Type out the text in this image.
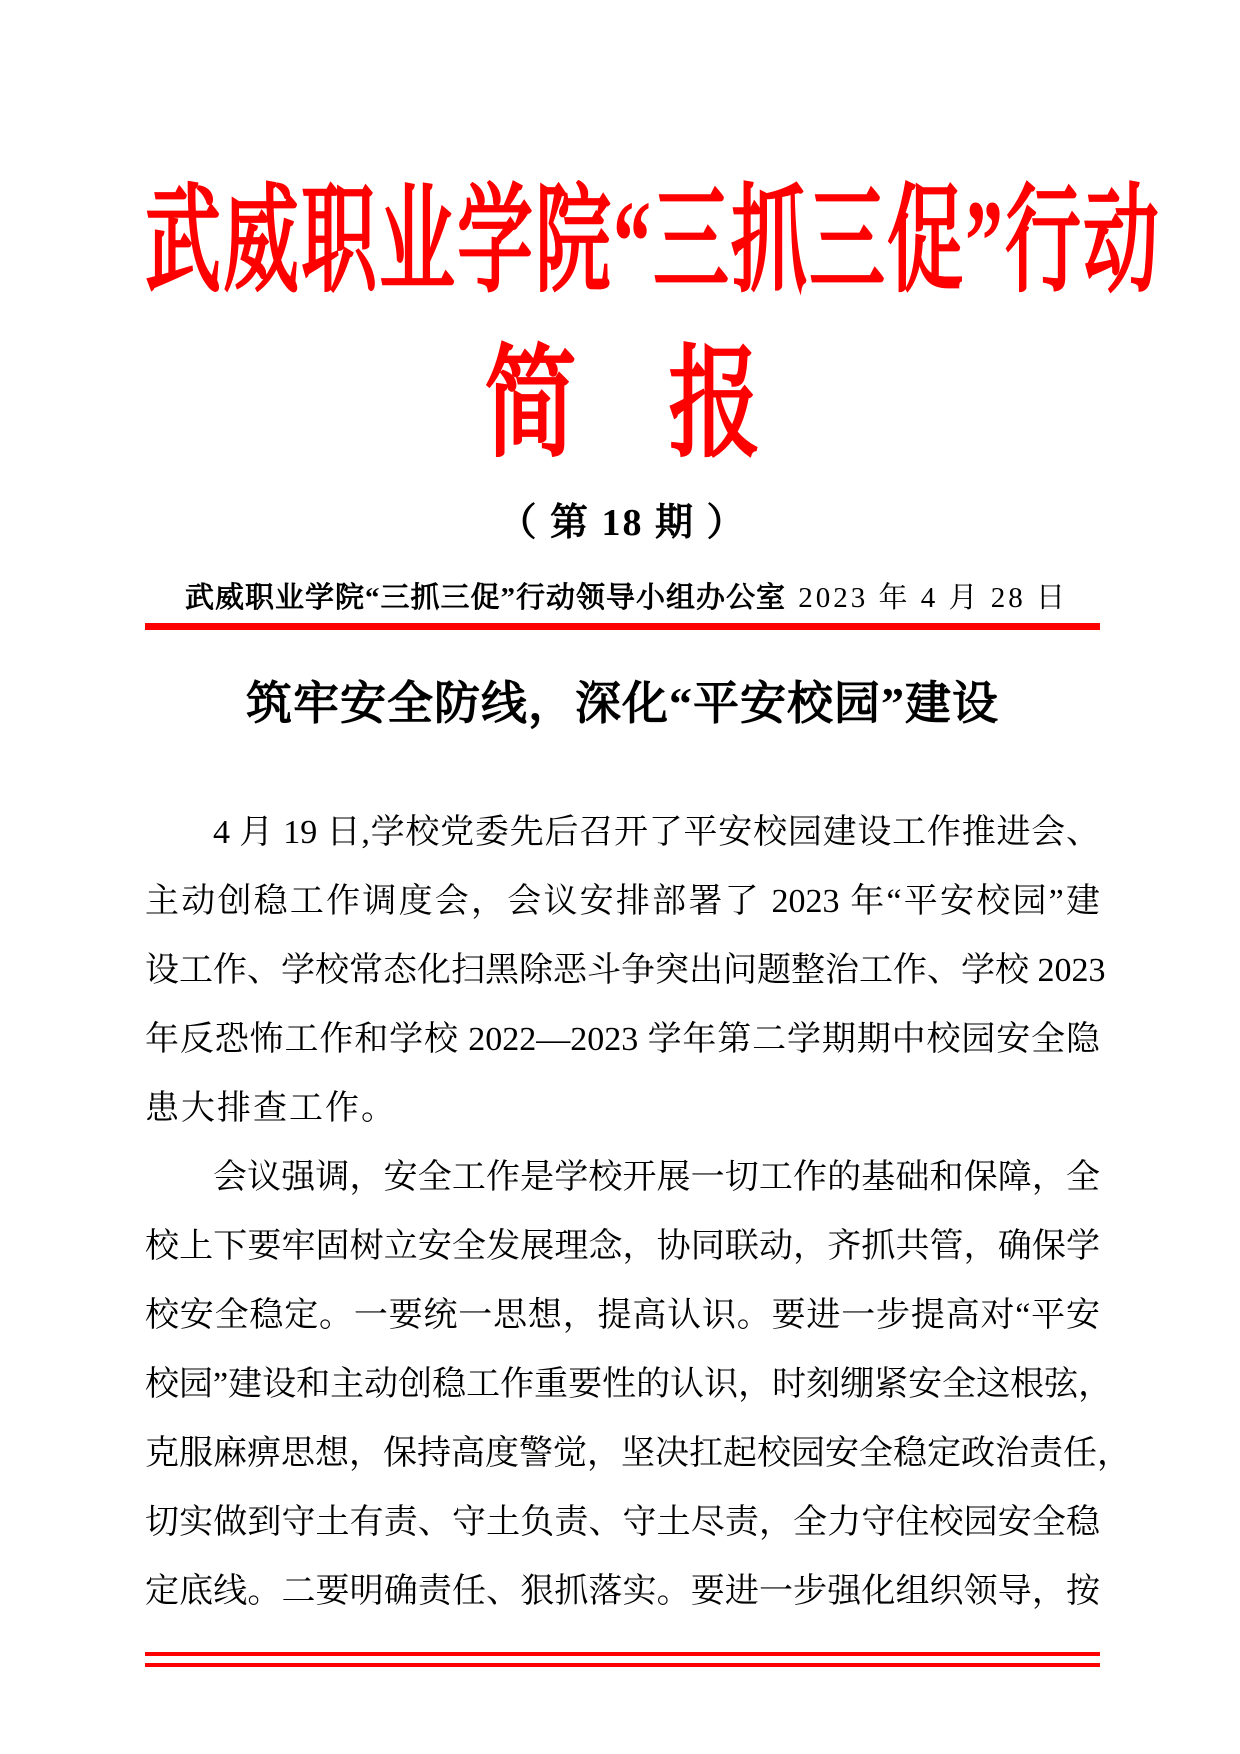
武威职业学院“三抓三促”行动
简　报
（ 第 18 期 ）
武威职业学院“三抓三促”行动领导小组办公室 2023 年 4 月 28 日
筑牢安全防线，深化“平安校园”建设
4 月 19 日,学校党委先后召开了平安校园建设工作推进会、
主动创稳工作调度会，会议安排部署了 2023 年“平安校园”建
设工作、学校常态化扫黑除恶斗争突出问题整治工作、学校 2023
年反恐怖工作和学校 2022—2023 学年第二学期期中校园安全隐
患大排查工作。
会议强调，安全工作是学校开展一切工作的基础和保障，全
校上下要牢固树立安全发展理念，协同联动，齐抓共管，确保学
校安全稳定。一要统一思想，提高认识。要进一步提高对“平安
校园”建设和主动创稳工作重要性的认识，时刻绷紧安全这根弦，
克服麻痹思想，保持高度警觉，坚决扛起校园安全稳定政治责任，
切实做到守土有责、守土负责、守土尽责，全力守住校园安全稳
定底线。二要明确责任、狠抓落实。要进一步强化组织领导，按
